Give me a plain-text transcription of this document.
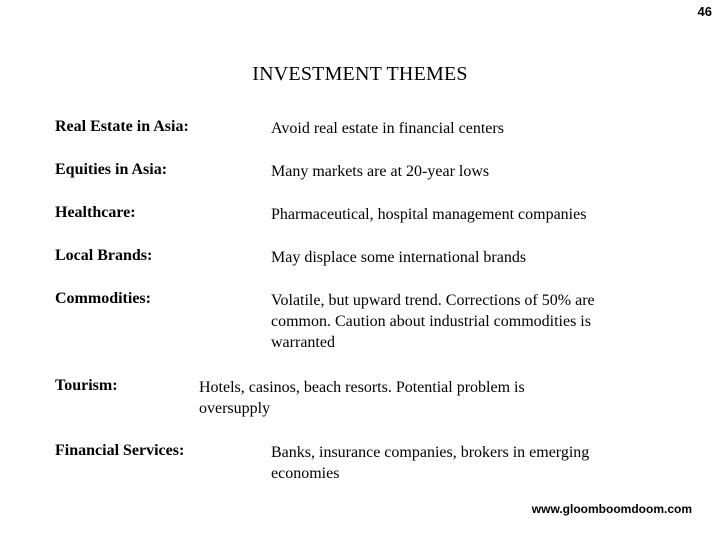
46
INVESTMENT THEMES
Real Estate in Asia:	Avoid real estate in financial centers
Equities in Asia:	Many markets are at 20-year lows
Healthcare:	Pharmaceutical, hospital management companies
Local Brands:	May displace some international brands
Commodities:	Volatile, but upward trend. Corrections of 50% are common. Caution about industrial commodities is warranted
Tourism:	Hotels, casinos, beach resorts. Potential problem is oversupply
Financial Services:	Banks, insurance companies, brokers in emerging economies
www.gloomboomdoom.com
